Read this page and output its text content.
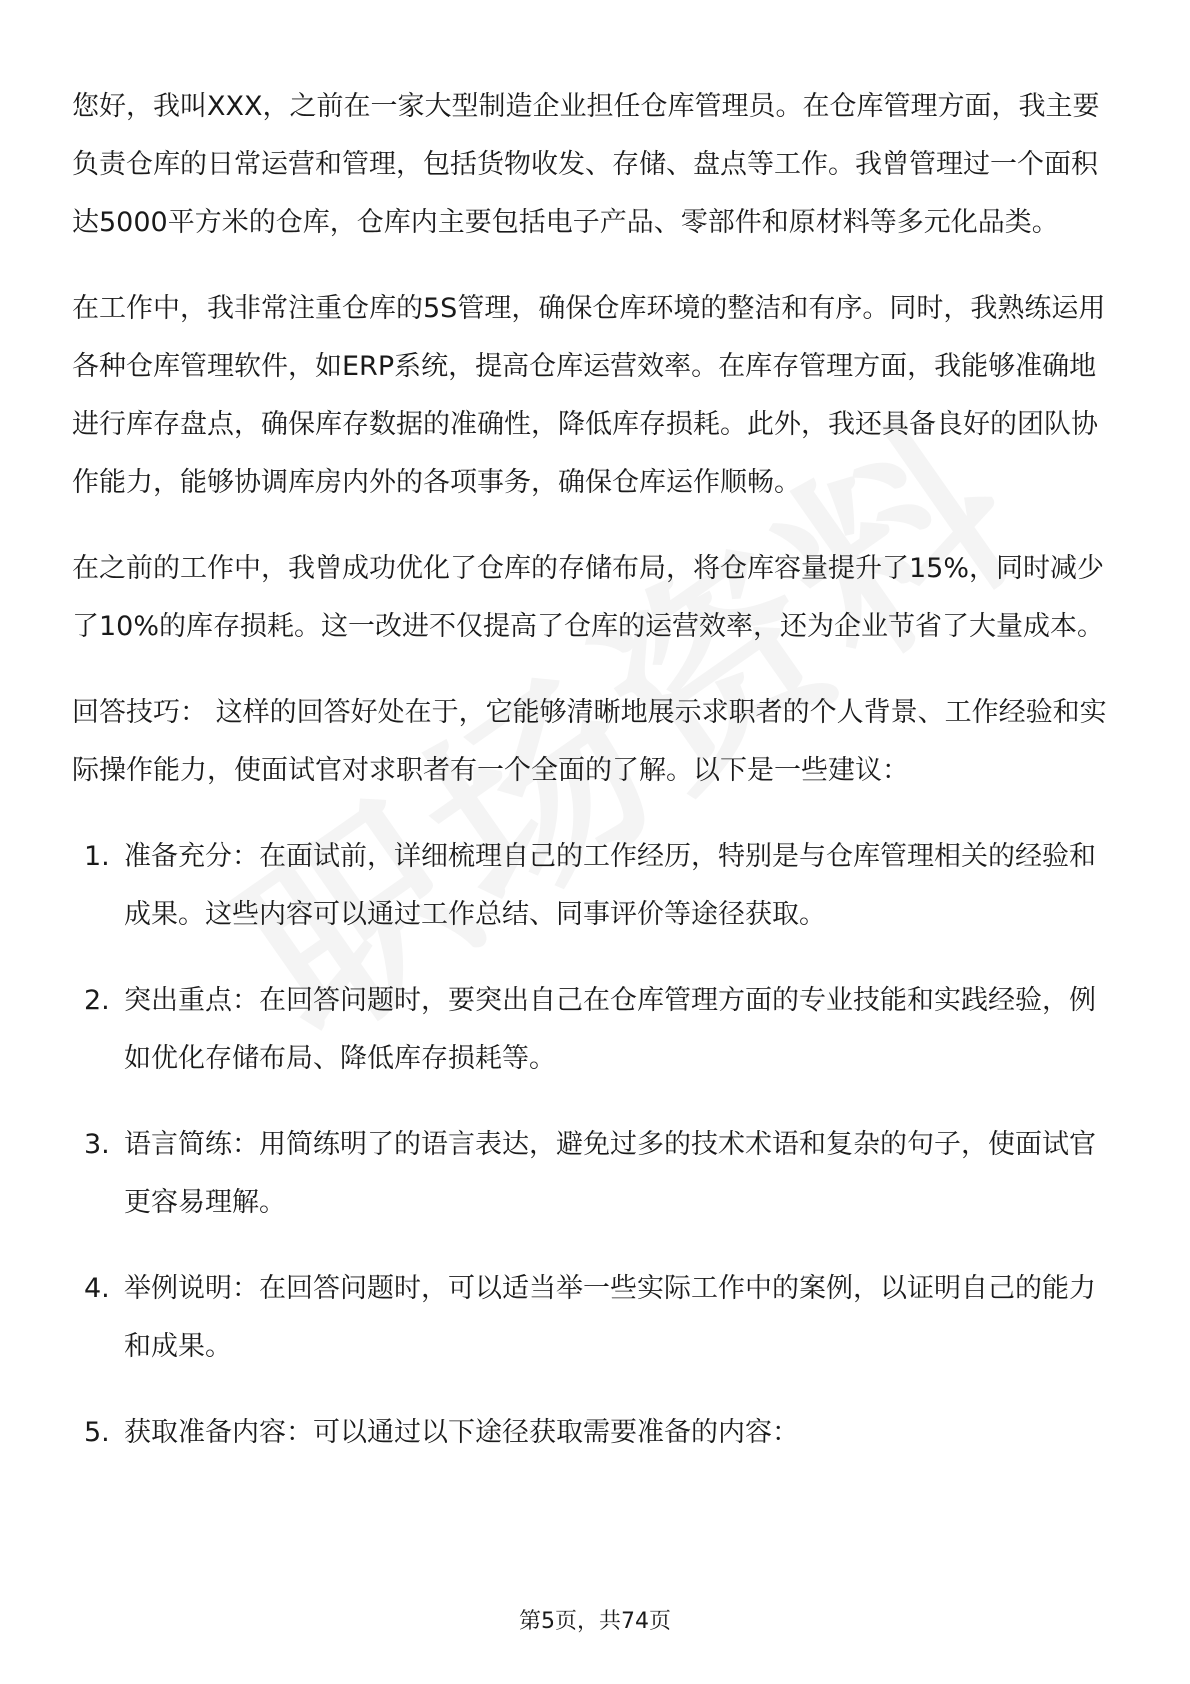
您好，我叫XXX，之前在一家大型制造企业担任仓库管理员。在仓库管理方面，我主要负责仓库的日常运营和管理，包括货物收发、存储、盘点等工作。我曾管理过一个面积达5000平方米的仓库，仓库内主要包括电子产品、零部件和原材料等多元化品类。

在工作中，我非常注重仓库的5S管理，确保仓库环境的整洁和有序。同时，我熟练运用各种仓库管理软件，如ERP系统，提高仓库运营效率。在库存管理方面，我能够准确地进行库存盘点，确保库存数据的准确性，降低库存损耗。此外，我还具备良好的团队协作能力，能够协调库房内外的各项事务，确保仓库运作顺畅。

在之前的工作中，我曾成功优化了仓库的存储布局，将仓库容量提升了15%，同时减少了10%的库存损耗。这一改进不仅提高了仓库的运营效率，还为企业节省了大量成本。

回答技巧： 这样的回答好处在于，它能够清晰地展示求职者的个人背景、工作经验和实际操作能力，使面试官对求职者有一个全面的了解。以下是一些建议：

1. 准备充分：在面试前，详细梳理自己的工作经历，特别是与仓库管理相关的经验和成果。这些内容可以通过工作总结、同事评价等途径获取。
2. 突出重点：在回答问题时，要突出自己在仓库管理方面的专业技能和实践经验，例如优化存储布局、降低库存损耗等。
3. 语言简练：用简练明了的语言表达，避免过多的技术术语和复杂的句子，使面试官更容易理解。
4. 举例说明：在回答问题时，可以适当举一些实际工作中的案例，以证明自己的能力和成果。
5. 获取准备内容：可以通过以下途径获取需要准备的内容：
第5页，共74页
